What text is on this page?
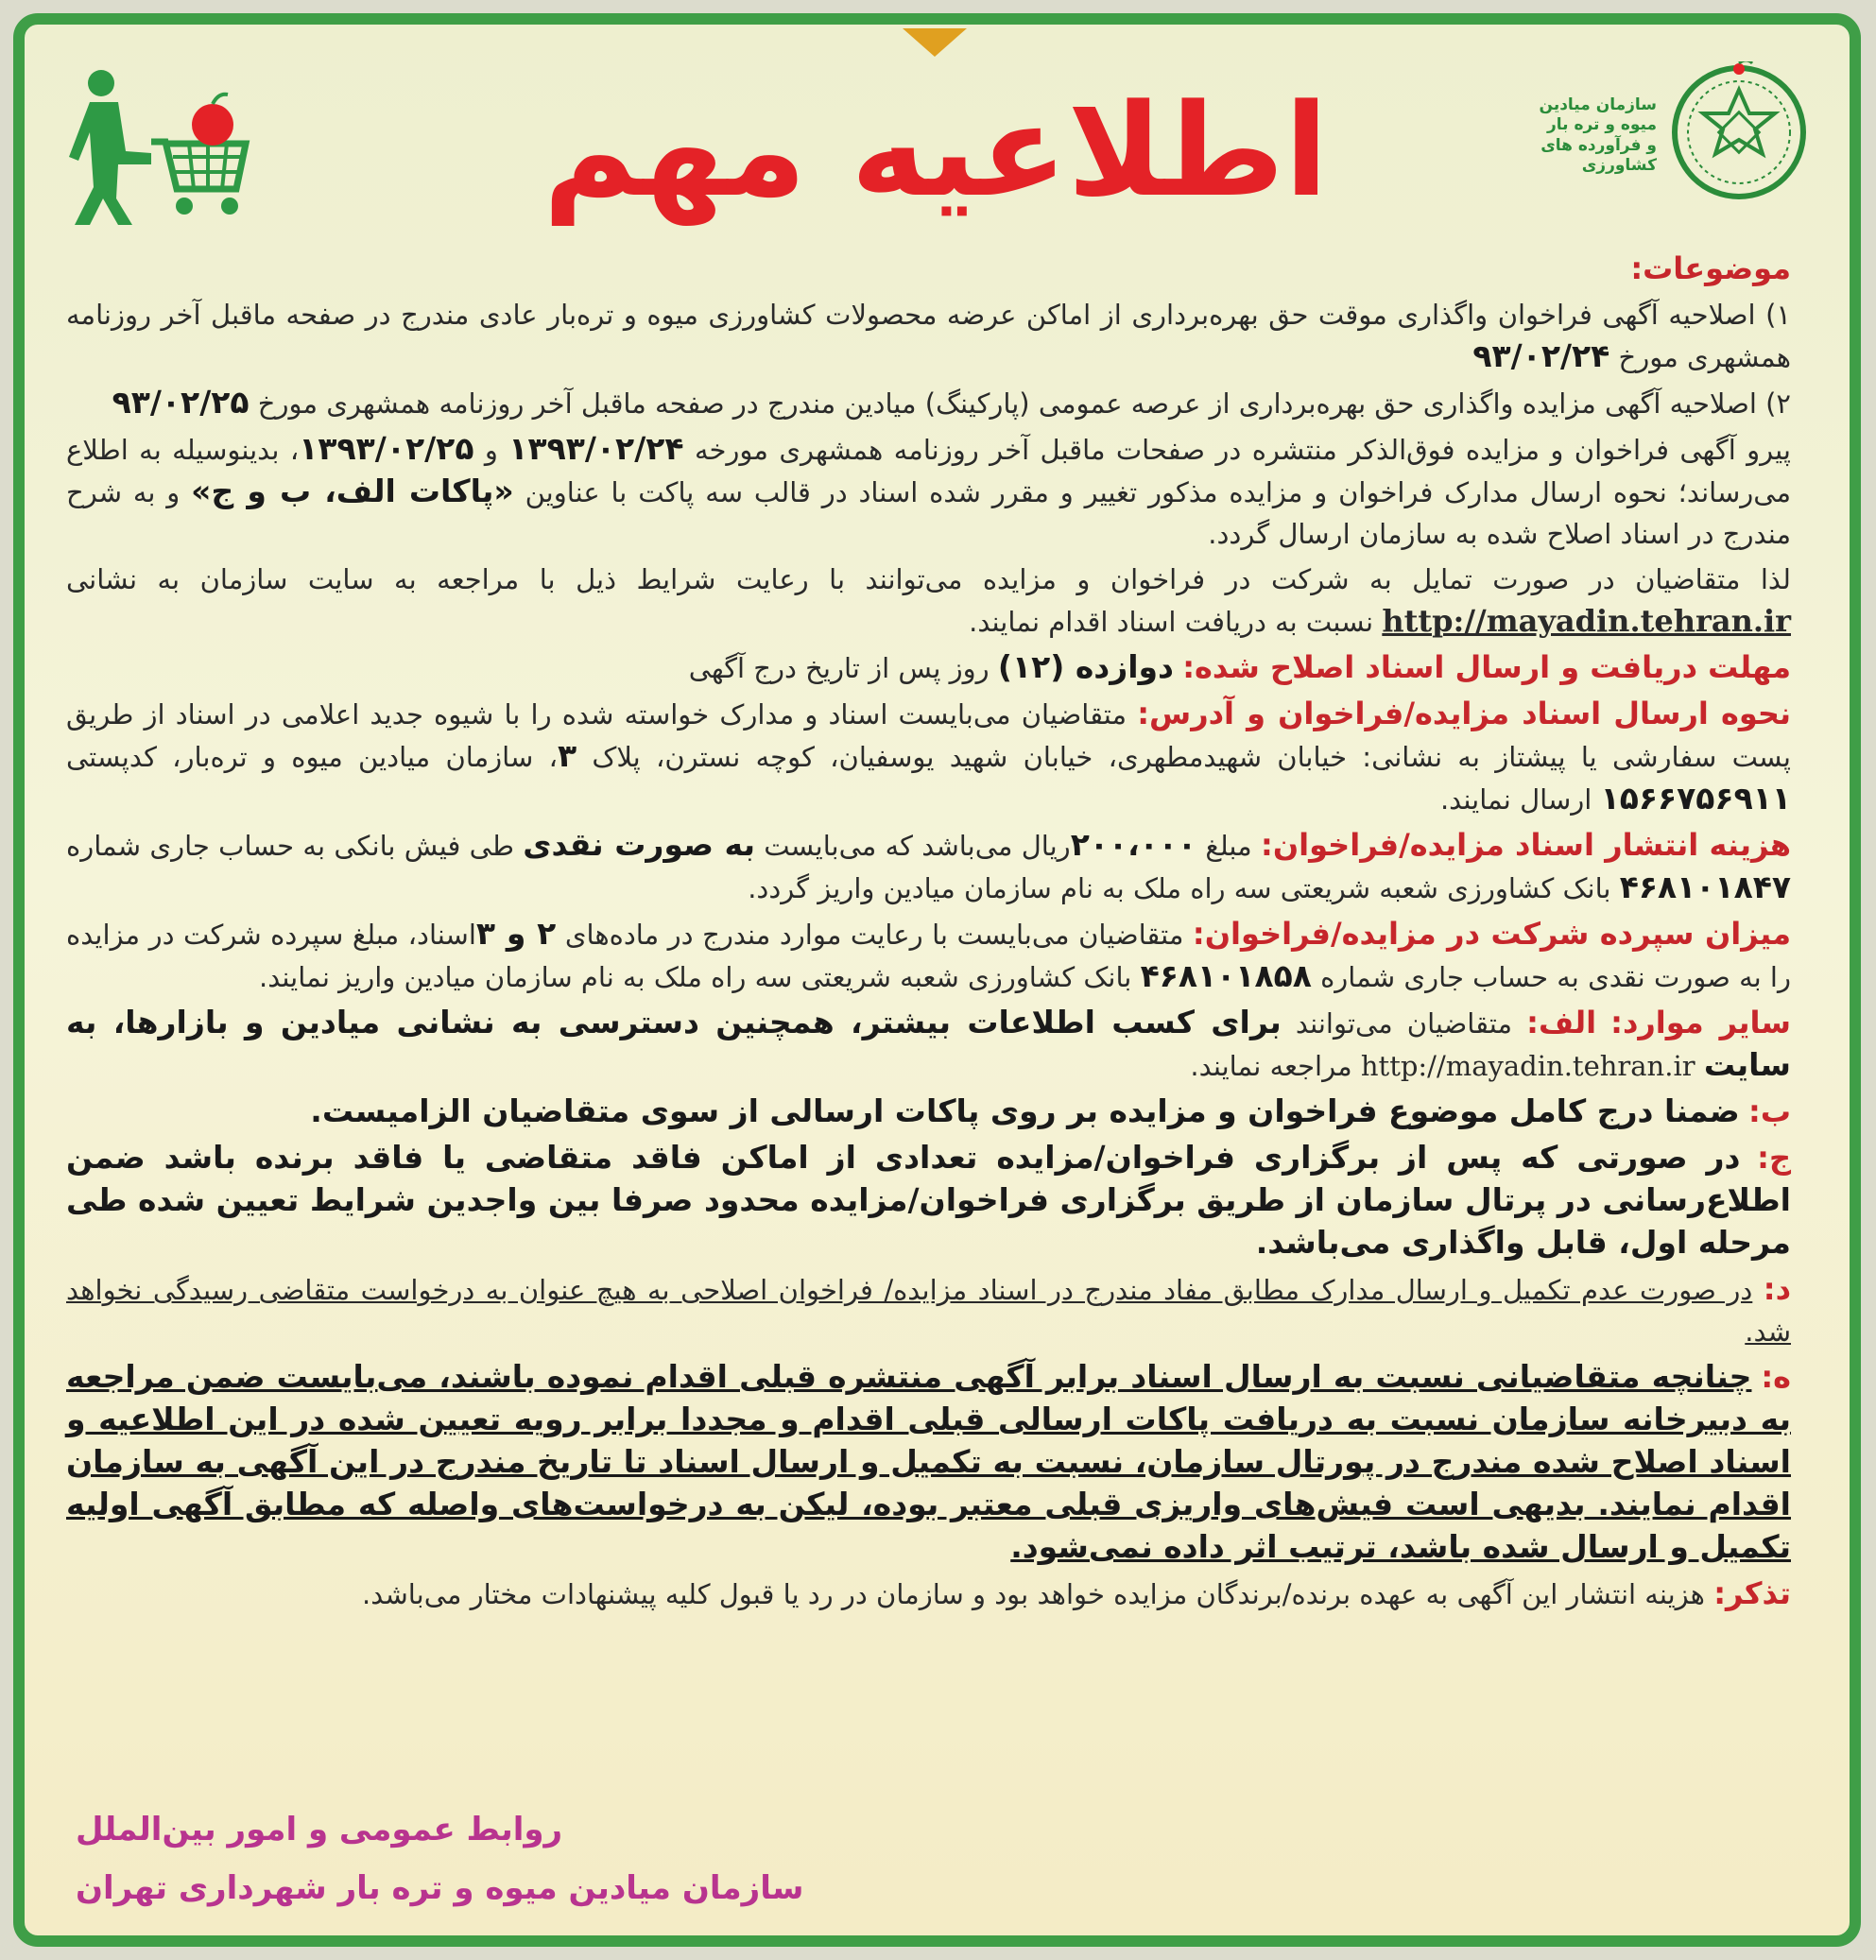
سازمان میادین
میوه و تره بار
و فرآورده های
کشاورزی
اطلاعیه مهم

موضوعات:

۱) اصلاحیه آگهی فراخوان واگذاری موقت حق بهره‌برداری از اماکن عرضه محصولات کشاورزی میوه و تره‌بار عادی مندرج در صفحه ماقبل آخر روزنامه همشهری مورخ ۹۳/۰۲/۲۴

۲) اصلاحیه آگهی مزایده واگذاری حق بهره‌برداری از عرصه عمومی (پارکینگ) میادین مندرج در صفحه ماقبل آخر روزنامه همشهری مورخ ۹۳/۰۲/۲۵

پیرو آگهی فراخوان و مزایده فوق‌الذکر منتشره در صفحات ماقبل آخر روزنامه همشهری مورخه ۱۳۹۳/۰۲/۲۴ و ۱۳۹۳/۰۲/۲۵، بدینوسیله به اطلاع می‌رساند؛ نحوه ارسال مدارک فراخوان و مزایده مذکور تغییر و مقرر شده اسناد در قالب سه پاکت با عناوین «پاکات الف، ب و ج» و به شرح مندرج در اسناد اصلاح شده به سازمان ارسال گردد.

لذا متقاضیان در صورت تمایل به شرکت در فراخوان و مزایده می‌توانند با رعایت شرایط ذیل با مراجعه به سایت سازمان به نشانی http://mayadin.tehran.ir نسبت به دریافت اسناد اقدام نمایند.

مهلت دریافت و ارسال اسناد اصلاح شده: دوازده (۱۲) روز پس از تاریخ درج آگهی

نحوه ارسال اسناد مزایده/فراخوان و آدرس: متقاضیان می‌بایست اسناد و مدارک خواسته شده را با شیوه جدید اعلامی در اسناد از طریق پست سفارشی یا پیشتاز به نشانی: خیابان شهیدمطهری، خیابان شهید یوسفیان، کوچه نسترن، پلاک ۳، سازمان میادین میوه و تره‌بار، کدپستی ۱۵۶۶۷۵۶۹۱۱ ارسال نمایند.

هزینه انتشار اسناد مزایده/فراخوان: مبلغ ۲۰۰،۰۰۰ریال می‌باشد که می‌بایست به صورت نقدی طی فیش بانکی به حساب جاری شماره ۴۶۸۱۰۱۸۴۷ بانک کشاورزی شعبه شریعتی سه راه ملک به نام سازمان میادین واریز گردد.

میزان سپرده شرکت در مزایده/فراخوان: متقاضیان می‌بایست با رعایت موارد مندرج در ماده‌های ۲ و ۳اسناد، مبلغ سپرده شرکت در مزایده را به صورت نقدی به حساب جاری شماره ۴۶۸۱۰۱۸۵۸ بانک کشاورزی شعبه شریعتی سه راه ملک به نام سازمان میادین واریز نمایند.

سایر موارد: الف: متقاضیان می‌توانند برای کسب اطلاعات بیشتر، همچنین دسترسی به نشانی میادین و بازارها، به سایت http://mayadin.tehran.ir مراجعه نمایند.

ب: ضمنا درج کامل موضوع فراخوان و مزایده بر روی پاکات ارسالی از سوی متقاضیان الزامیست.

ج: در صورتی که پس از برگزاری فراخوان/مزایده تعدادی از اماکن فاقد متقاضی یا فاقد برنده باشد ضمن اطلاع‌رسانی در پرتال سازمان از طریق برگزاری فراخوان/مزایده محدود صرفا بین واجدین شرایط تعیین شده طی مرحله اول، قابل واگذاری می‌باشد.

د: در صورت عدم تکمیل و ارسال مدارک مطابق مفاد مندرج در اسناد مزایده/ فراخوان اصلاحی به هیچ عنوان به درخواست متقاضی رسیدگی نخواهد شد.

ه: چنانچه متقاضیانی نسبت به ارسال اسناد برابر آگهی منتشره قبلی اقدام نموده باشند، می‌بایست ضمن مراجعه به دبیرخانه سازمان نسبت به دریافت پاکات ارسالی قبلی اقدام و مجددا برابر رویه تعیین شده در این اطلاعیه و اسناد اصلاح شده مندرج در پورتال سازمان، نسبت به تکمیل و ارسال اسناد تا تاریخ مندرج در این آگهی به سازمان اقدام نمایند. بدیهی است فیش‌های واریزی قبلی معتبر بوده، لیکن به درخواست‌های واصله که مطابق آگهی اولیه تکمیل و ارسال شده باشد، ترتیب اثر داده نمی‌شود.

تذکر: هزینه انتشار این آگهی به عهده برنده/برندگان مزایده خواهد بود و سازمان در رد یا قبول کلیه پیشنهادات مختار می‌باشد.

روابط عمومی و امور بین‌الملل
سازمان میادین میوه و تره بار شهرداری تهران
